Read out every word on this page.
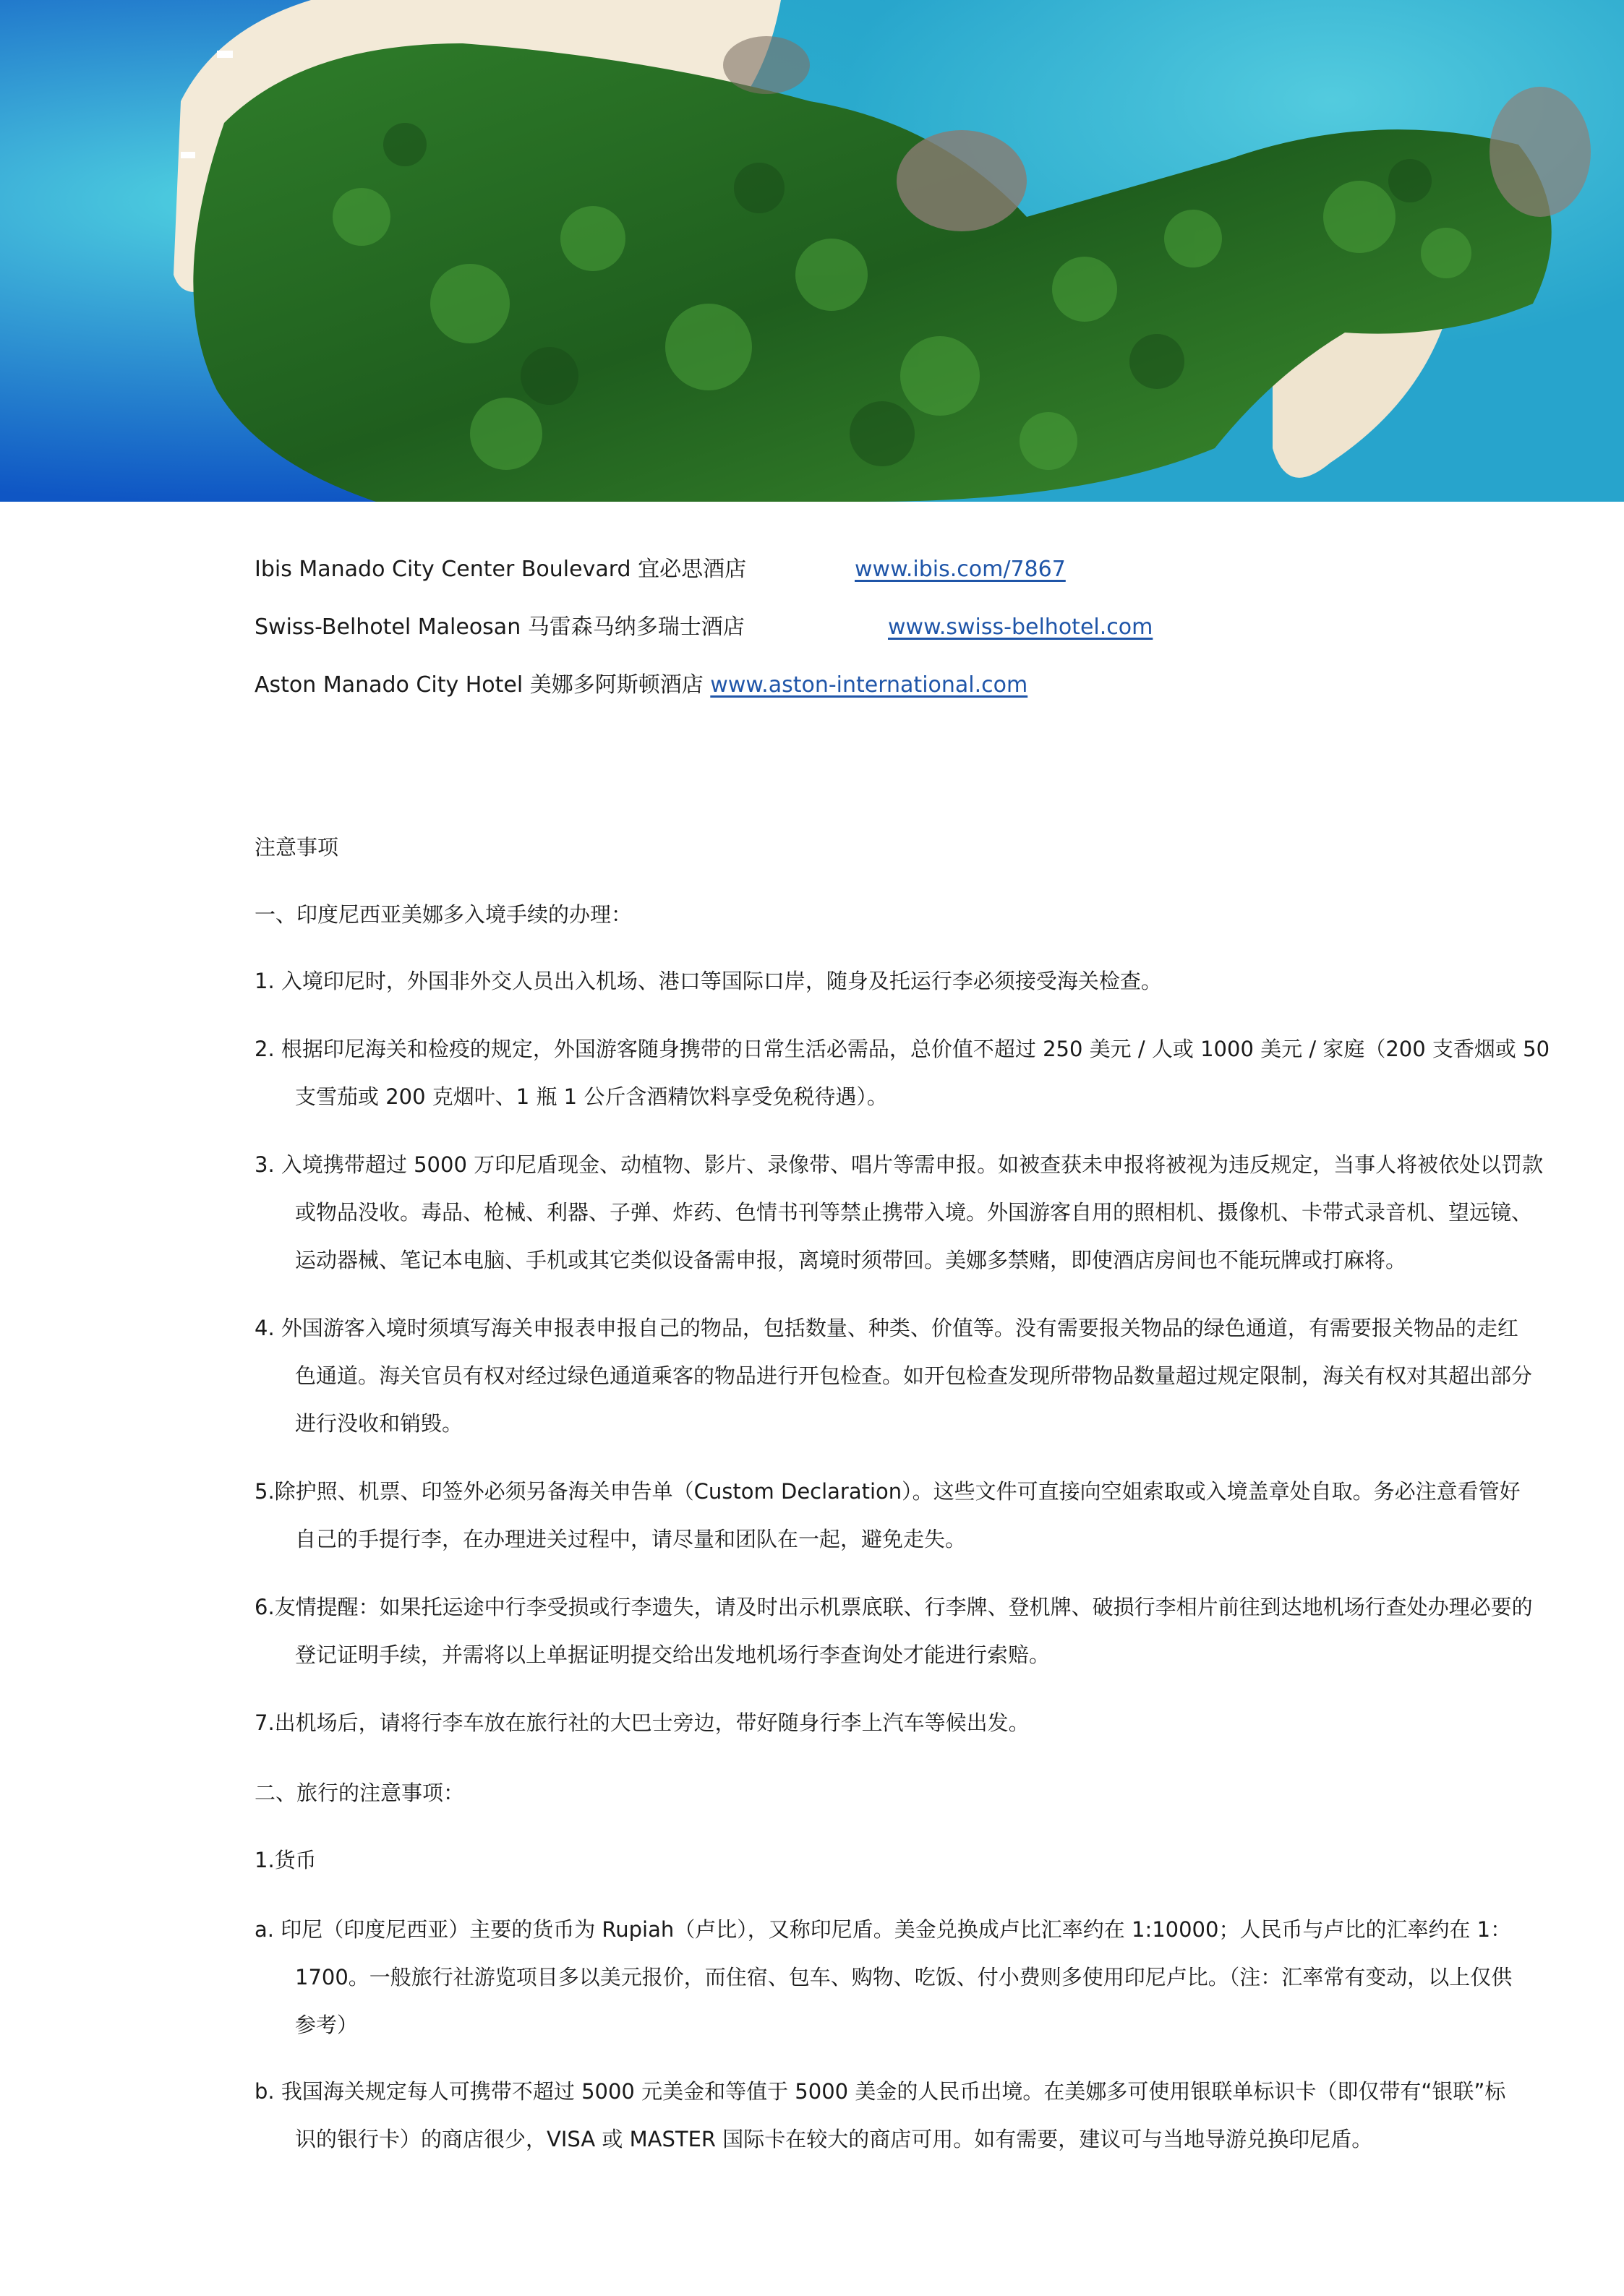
Ibis Manado City Center Boulevard 宜必思酒店	www.ibis.com/7867
Swiss-Belhotel Maleosan 马雷森马纳多瑞士酒店	www.swiss-belhotel.com
Aston Manado City Hotel 美娜多阿斯顿酒店 www.aston-international.com
注意事项
一、印度尼西亚美娜多入境手续的办理：
1. 入境印尼时，外国非外交人员出入机场、港口等国际口岸，随身及托运行李必须接受海关检查。
2. 根据印尼海关和检疫的规定，外国游客随身携带的日常生活必需品，总价值不超过 250 美元 / 人或 1000 美元 / 家庭（200 支香烟或 50
支雪茄或 200 克烟叶、1 瓶 1 公斤含酒精饮料享受免税待遇）。
3. 入境携带超过 5000 万印尼盾现金、动植物、影片、录像带、唱片等需申报。如被查获未申报将被视为违反规定，当事人将被依处以罚款
或物品没收。毒品、枪械、利器、子弹、炸药、色情书刊等禁止携带入境。外国游客自用的照相机、摄像机、卡带式录音机、望远镜、
运动器械、笔记本电脑、手机或其它类似设备需申报，离境时须带回。美娜多禁赌，即使酒店房间也不能玩牌或打麻将。
4. 外国游客入境时须填写海关申报表申报自己的物品，包括数量、种类、价值等。没有需要报关物品的绿色通道，有需要报关物品的走红
色通道。海关官员有权对经过绿色通道乘客的物品进行开包检查。如开包检查发现所带物品数量超过规定限制，海关有权对其超出部分
进行没收和销毁。
5.除护照、机票、印签外必须另备海关申告单（Custom Declaration）。这些文件可直接向空姐索取或入境盖章处自取。务必注意看管好
自己的手提行李，在办理进关过程中，请尽量和团队在一起，避免走失。
6.友情提醒：如果托运途中行李受损或行李遗失，请及时出示机票底联、行李牌、登机牌、破损行李相片前往到达地机场行查处办理必要的
登记证明手续，并需将以上单据证明提交给出发地机场行李查询处才能进行索赔。
7.出机场后，请将行李车放在旅行社的大巴士旁边，带好随身行李上汽车等候出发。
二、旅行的注意事项：
1.货币
a. 印尼（印度尼西亚）主要的货币为 Rupiah（卢比），又称印尼盾。美金兑换成卢比汇率约在 1:10000；人民币与卢比的汇率约在 1：
1700。一般旅行社游览项目多以美元报价，而住宿、包车、购物、吃饭、付小费则多使用印尼卢比。（注：汇率常有变动，以上仅供
参考）
b. 我国海关规定每人可携带不超过 5000 元美金和等值于 5000 美金的人民币出境。在美娜多可使用银联单标识卡（即仅带有“银联”标
识的银行卡）的商店很少，VISA 或 MASTER 国际卡在较大的商店可用。如有需要，建议可与当地导游兑换印尼盾。
